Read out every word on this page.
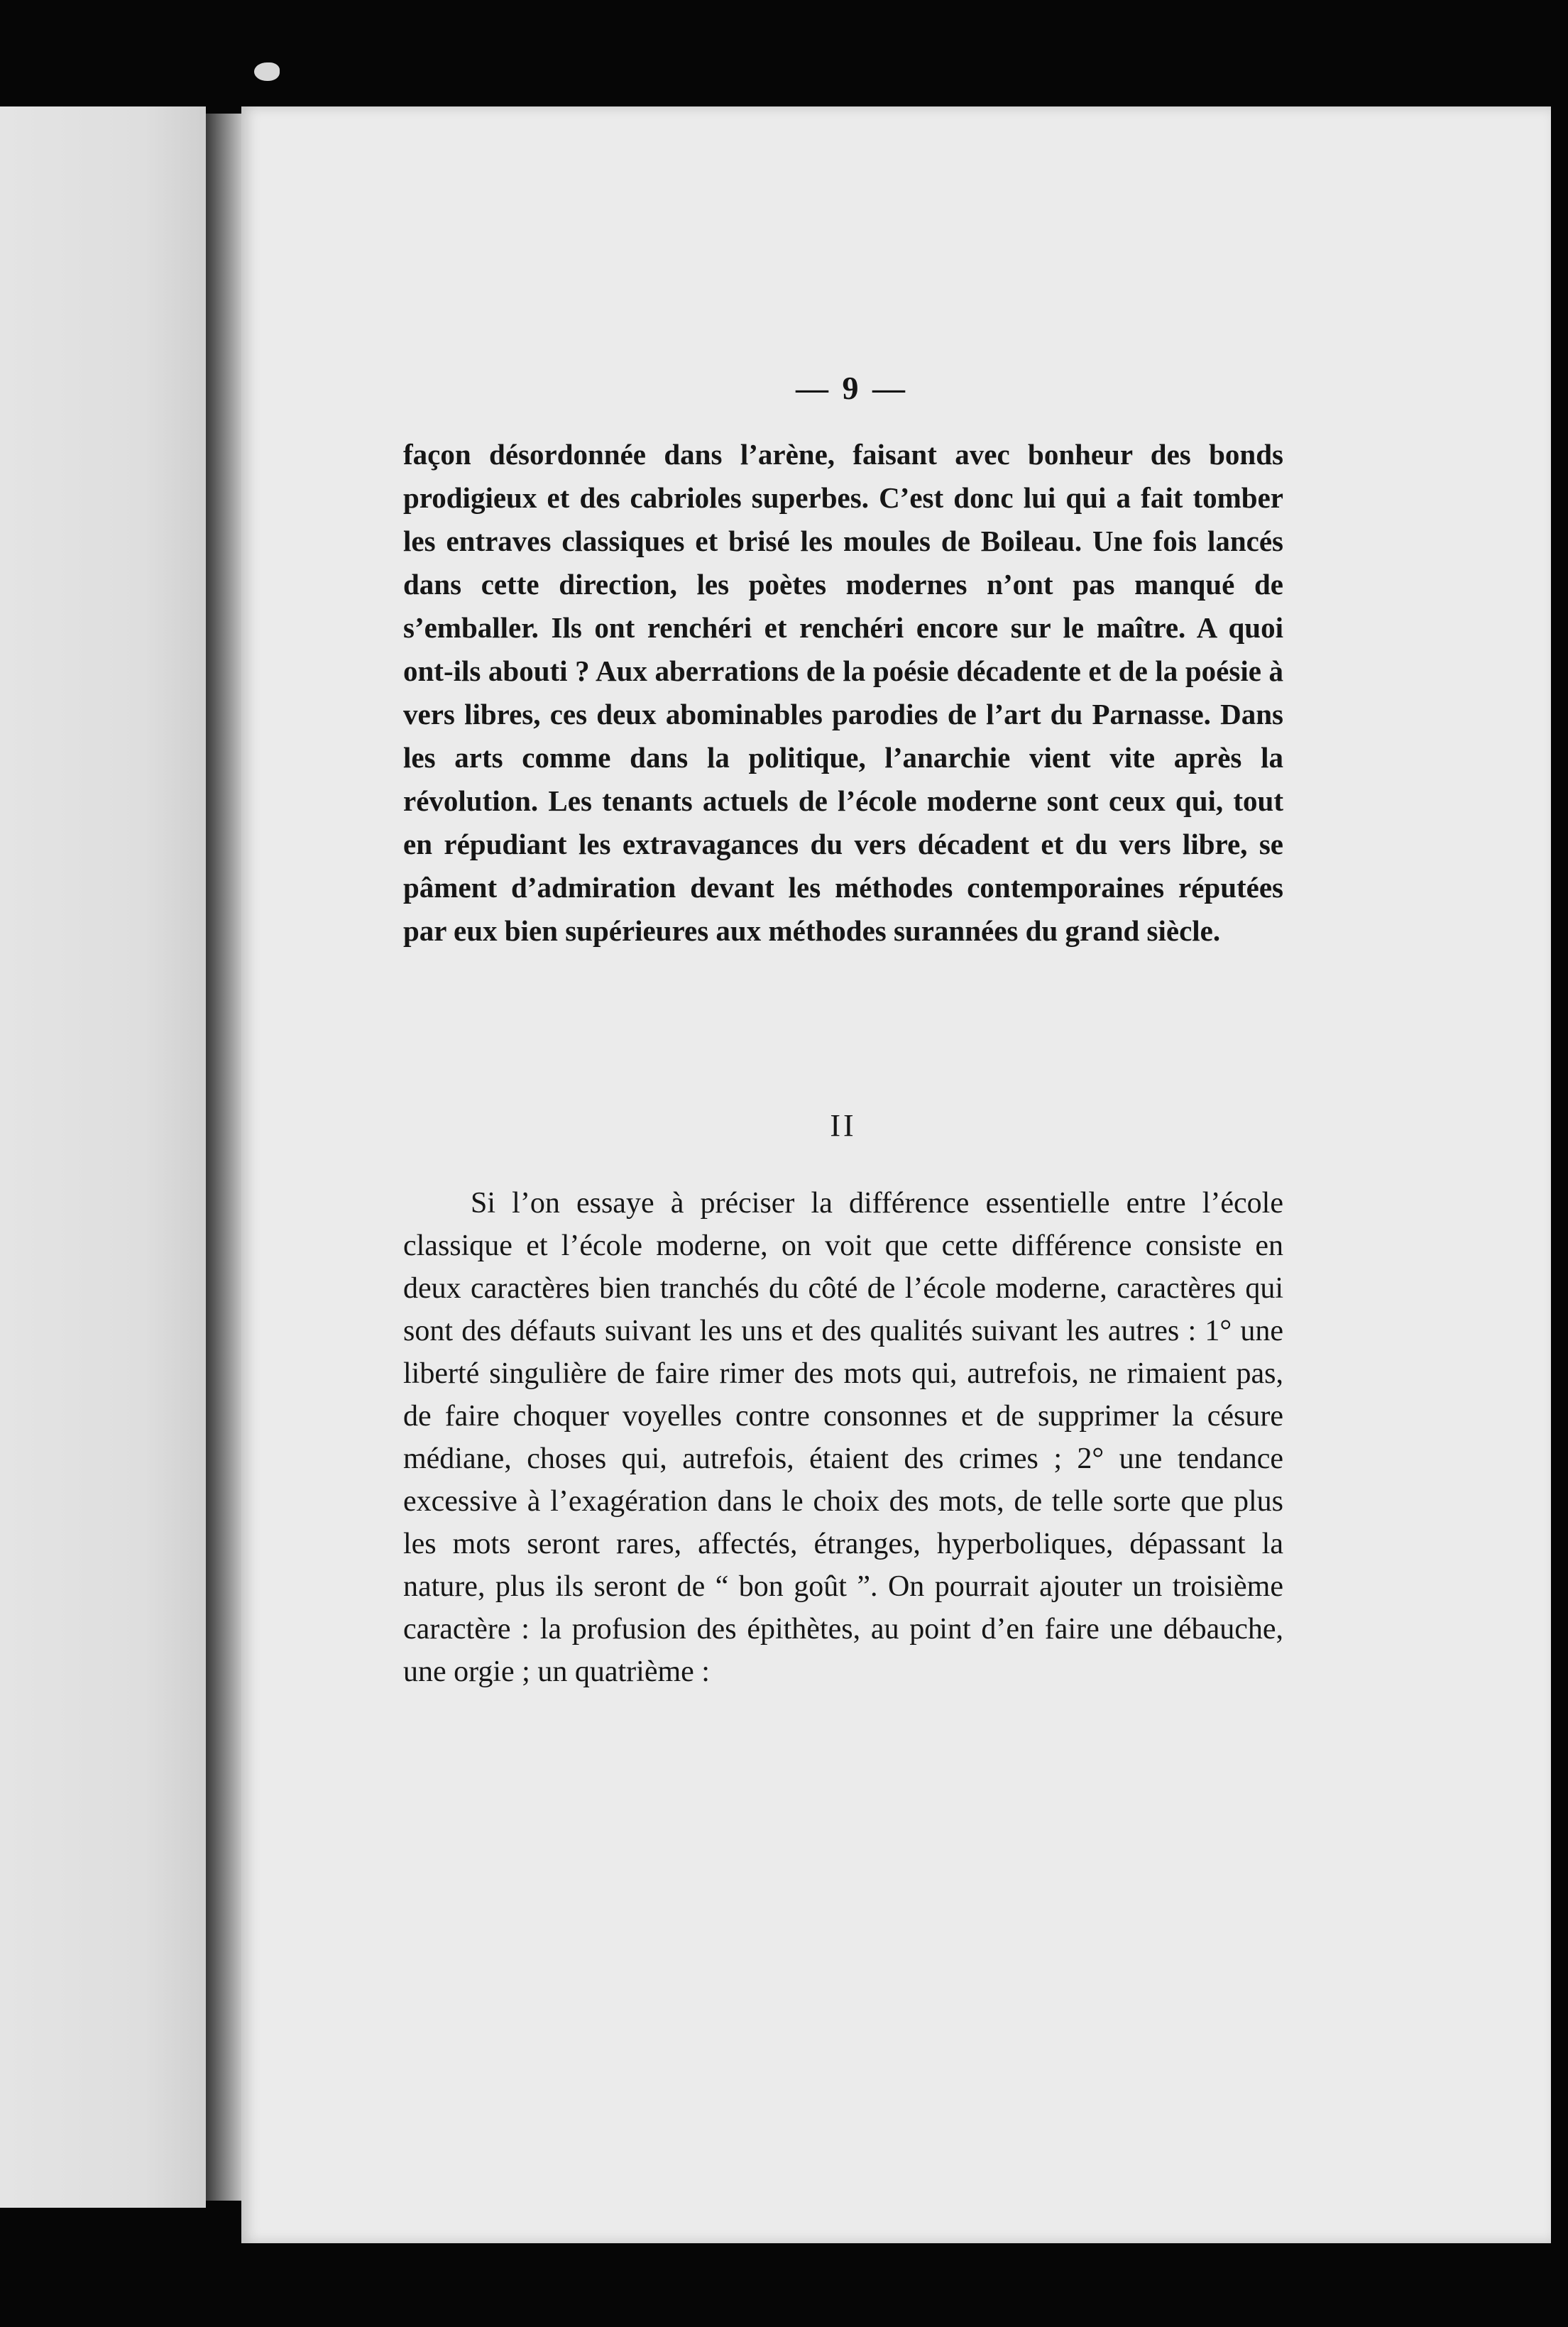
— 9 —

façon désordonnée dans l’arène, faisant avec bonheur des bonds prodigieux et des cabrioles superbes. C’est donc lui qui a fait tomber les entraves classiques et brisé les moules de Boileau. Une fois lancés dans cette direction, les poètes modernes n’ont pas manqué de s’emballer. Ils ont renchéri et renchéri encore sur le maître. A quoi ont-ils abouti ? Aux aberrations de la poésie décadente et de la poésie à vers libres, ces deux abominables parodies de l’art du Parnasse. Dans les arts comme dans la politique, l’anarchie vient vite après la révolution. Les tenants actuels de l’école moderne sont ceux qui, tout en répudiant les extravagances du vers décadent et du vers libre, se pâment d’admiration devant les méthodes contemporaines réputées par eux bien supérieures aux méthodes surannées du grand siècle.

II

Si l’on essaye à préciser la différence essentielle entre l’école classique et l’école moderne, on voit que cette différence consiste en deux caractères bien tranchés du côté de l’école moderne, caractères qui sont des défauts suivant les uns et des qualités suivant les autres : 1° une liberté singulière de faire rimer des mots qui, autrefois, ne rimaient pas, de faire choquer voyelles contre consonnes et de supprimer la césure médiane, choses qui, autrefois, étaient des crimes ; 2° une tendance excessive à l’exagération dans le choix des mots, de telle sorte que plus les mots seront rares, affectés, étranges, hyperboliques, dépassant la nature, plus ils seront de “ bon goût ”. On pourrait ajouter un troisième caractère : la profusion des épithètes, au point d’en faire une débauche, une orgie ; un quatrième :
